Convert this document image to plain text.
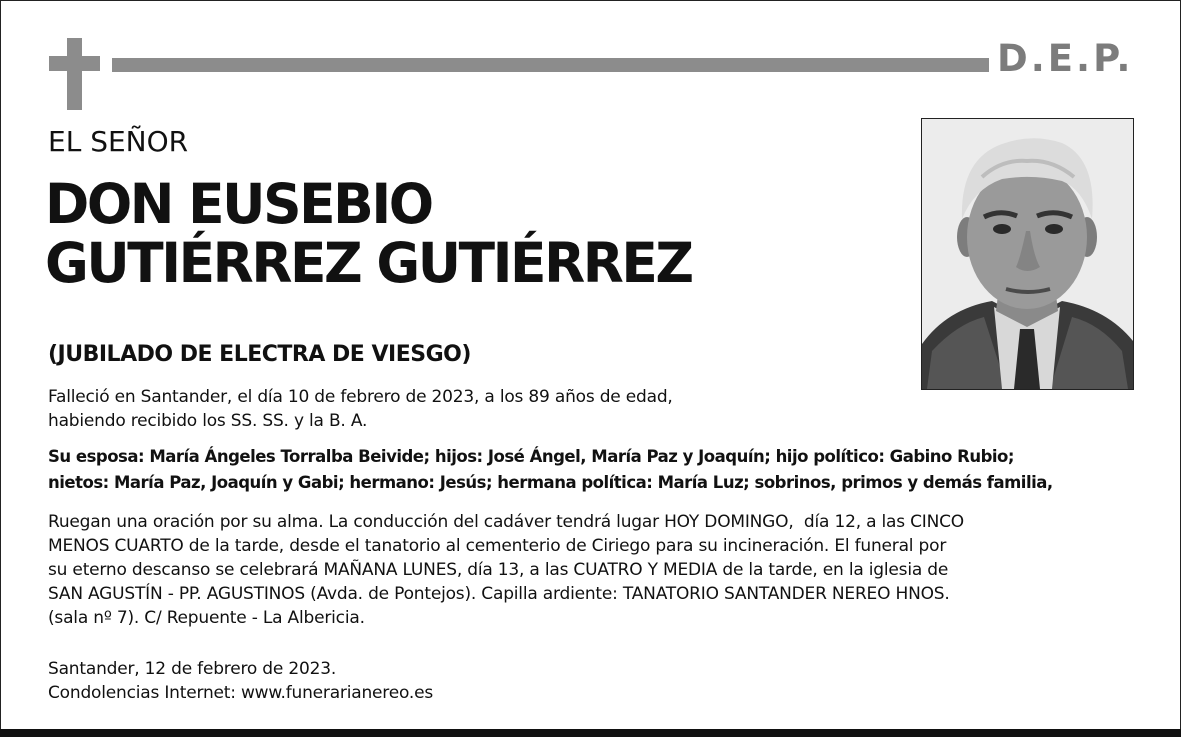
D.E.P.
EL SEÑOR
DON EUSEBIO
GUTIÉRREZ GUTIÉRREZ
(JUBILADO DE ELECTRA DE VIESGO)
Falleció en Santander, el día 10 de febrero de 2023, a los 89 años de edad,
habiendo recibido los SS. SS. y la B. A.
Su esposa: María Ángeles Torralba Beivide; hijos: José Ángel, María Paz y Joaquín; hijo político: Gabino Rubio;
nietos: María Paz, Joaquín y Gabi; hermano: Jesús; hermana política: María Luz; sobrinos, primos y demás familia,
Ruegan una oración por su alma. La conducción del cadáver tendrá lugar HOY DOMINGO,  día 12, a las CINCO
MENOS CUARTO de la tarde, desde el tanatorio al cementerio de Ciriego para su incineración. El funeral por
su eterno descanso se celebrará MAÑANA LUNES, día 13, a las CUATRO Y MEDIA de la tarde, en la iglesia de
SAN AGUSTÍN - PP. AGUSTINOS (Avda. de Pontejos). Capilla ardiente: TANATORIO SANTANDER NEREO HNOS.
(sala nº 7). C/ Repuente - La Albericia.
Santander, 12 de febrero de 2023.
Condolencias Internet: www.funerarianereo.es
